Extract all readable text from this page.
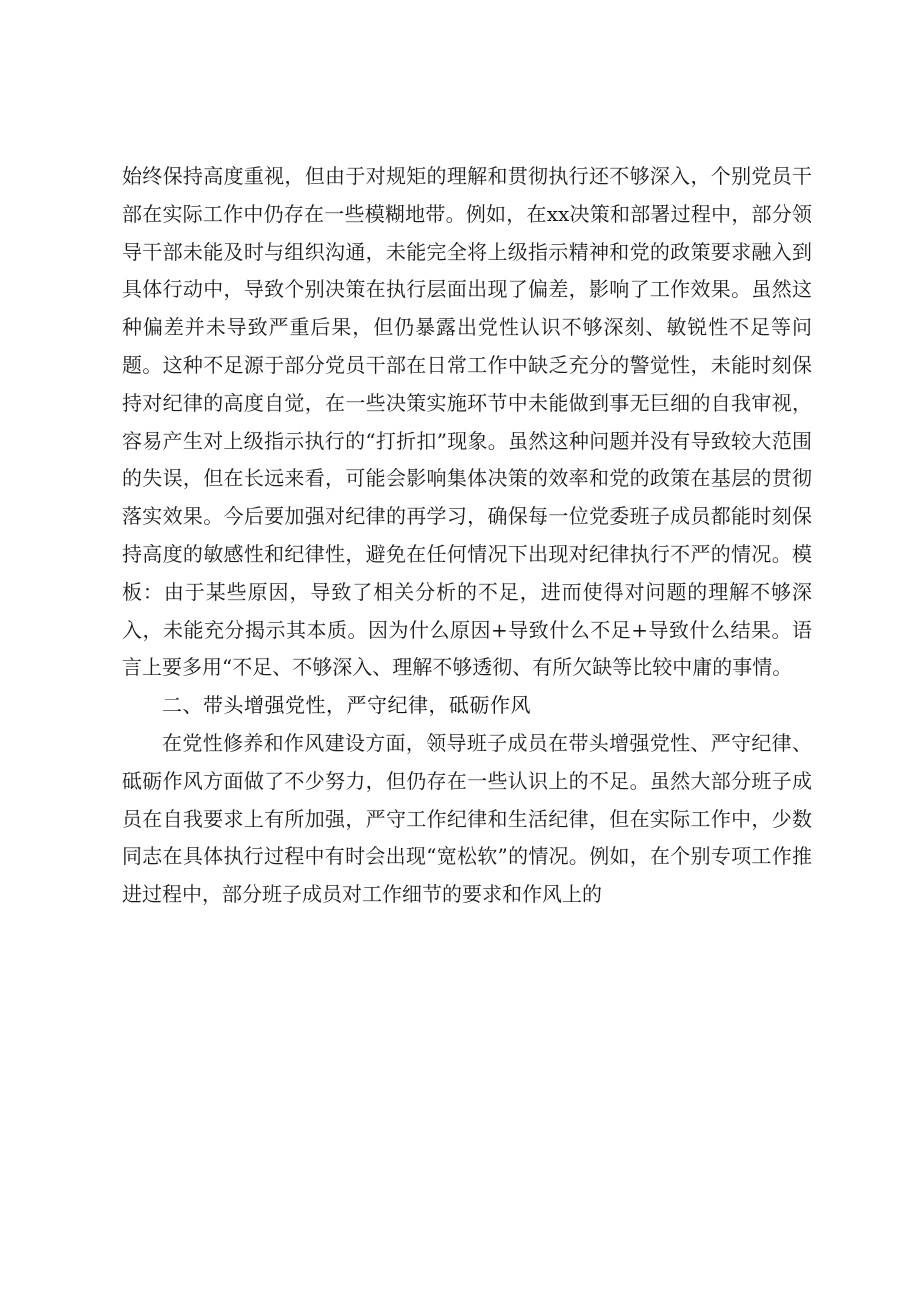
始终保持高度重视，但由于对规矩的理解和贯彻执行还不够深入，个别党员干部在实际工作中仍存在一些模糊地带。例如，在xx决策和部署过程中，部分领导干部未能及时与组织沟通，未能完全将上级指示精神和党的政策要求融入到具体行动中，导致个别决策在执行层面出现了偏差，影响了工作效果。虽然这种偏差并未导致严重后果，但仍暴露出党性认识不够深刻、敏锐性不足等问题。这种不足源于部分党员干部在日常工作中缺乏充分的警觉性，未能时刻保持对纪律的高度自觉，在一些决策实施环节中未能做到事无巨细的自我审视，容易产生对上级指示执行的“打折扣”现象。虽然这种问题并没有导致较大范围的失误，但在长远来看，可能会影响集体决策的效率和党的政策在基层的贯彻落实效果。今后要加强对纪律的再学习，确保每一位党委班子成员都能时刻保持高度的敏感性和纪律性，避免在任何情况下出现对纪律执行不严的情况。模板：由于某些原因，导致了相关分析的不足，进而使得对问题的理解不够深入，未能充分揭示其本质。因为什么原因+导致什么不足+导致什么结果。语言上要多用“不足、不够深入、理解不够透彻、有所欠缺等比较中庸的事情。

二、带头增强党性，严守纪律，砥砺作风

在党性修养和作风建设方面，领导班子成员在带头增强党性、严守纪律、砥砺作风方面做了不少努力，但仍存在一些认识上的不足。虽然大部分班子成员在自我要求上有所加强，严守工作纪律和生活纪律，但在实际工作中，少数同志在具体执行过程中有时会出现“宽松软”的情况。例如，在个别专项工作推进过程中，部分班子成员对工作细节的要求和作风上的
